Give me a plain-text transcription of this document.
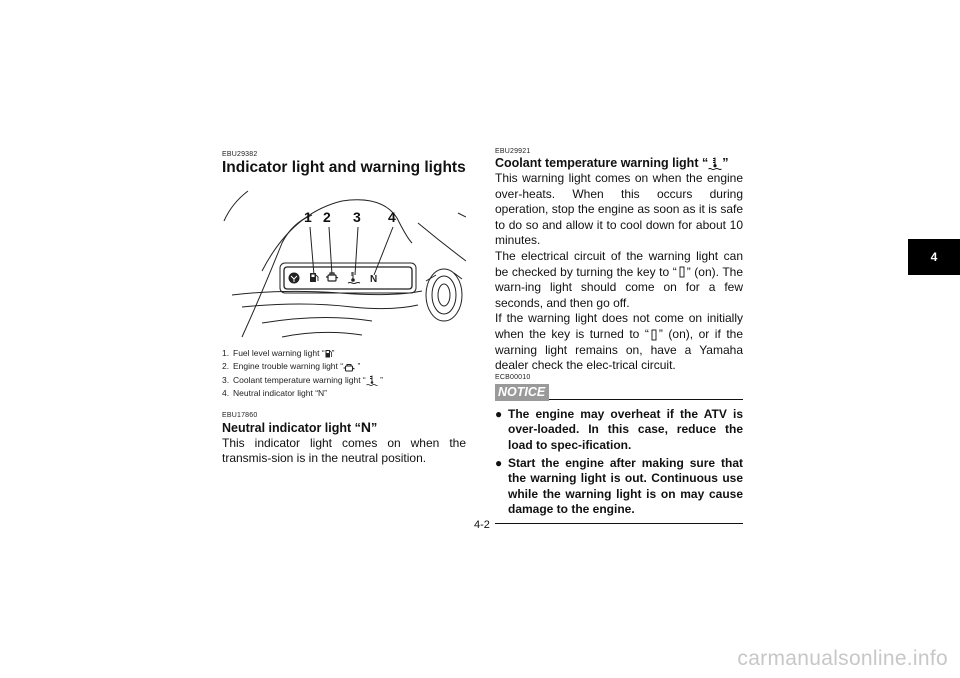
EBU29382
Indicator light and warning lights
N
1 2 3 4
1. Fuel level warning light “ ”
2. Engine trouble warning light “ ”
3. Coolant temperature warning light “ ”
4. Neutral indicator light “N”
EBU17860
Neutral indicator light “N”

This indicator light comes on when the transmis-sion is in the neutral position.

EBU29921
Coolant temperature warning light “ ”

This warning light comes on when the engine over-heats. When this occurs during operation, stop the engine as soon as it is safe to do so and allow it to cool down for about 10 minutes.

The electrical circuit of the warning light can be checked by turning the key to “ ” (on). The warn-ing light should come on for a few seconds, and then go off.

If the warning light does not come on initially when the key is turned to “ ” (on), or if the warning light remains on, have a Yamaha dealer check the elec-trical circuit.

ECB00010
NOTICE
● The engine may overheat if the ATV is over-loaded. In this case, reduce the load to spec-ification.
● Start the engine after making sure that the warning light is out. Continuous use while the warning light is on may cause damage to the engine.
4
4-2
carmanualsonline.info
